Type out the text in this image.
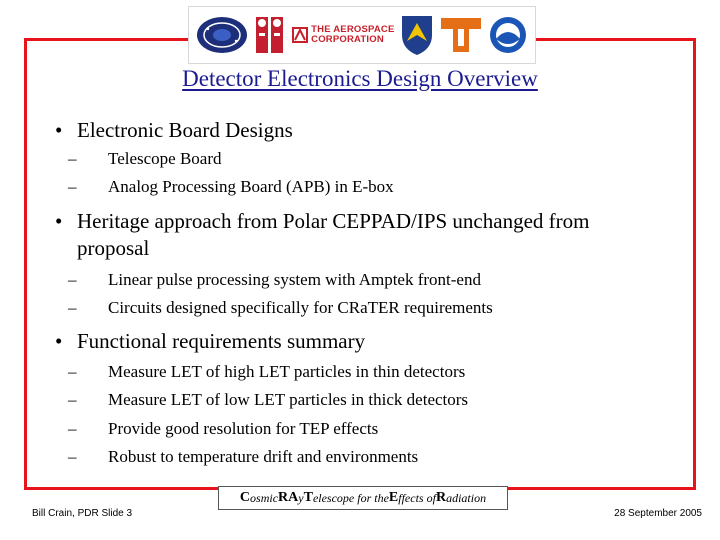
THE AEROSPACE
CORPORATION
Detector Electronics Design Overview
• Electronic Board Designs
– Telescope Board
– Analog Processing Board (APB) in E-box
• Heritage approach from Polar CEPPAD/IPS unchanged from
proposal
– Linear pulse processing system with Amptek front-end
– Circuits designed specifically for CRaTER requirements
• Functional requirements summary
– Measure LET of high LET particles in thin detectors
– Measure LET of low LET particles in thick detectors
– Provide good resolution for TEP effects
– Robust to temperature drift and environments
Bill Crain, PDR Slide 3
C osmic RA y T elescope for the E ffects of R adiation
28 September 2005
